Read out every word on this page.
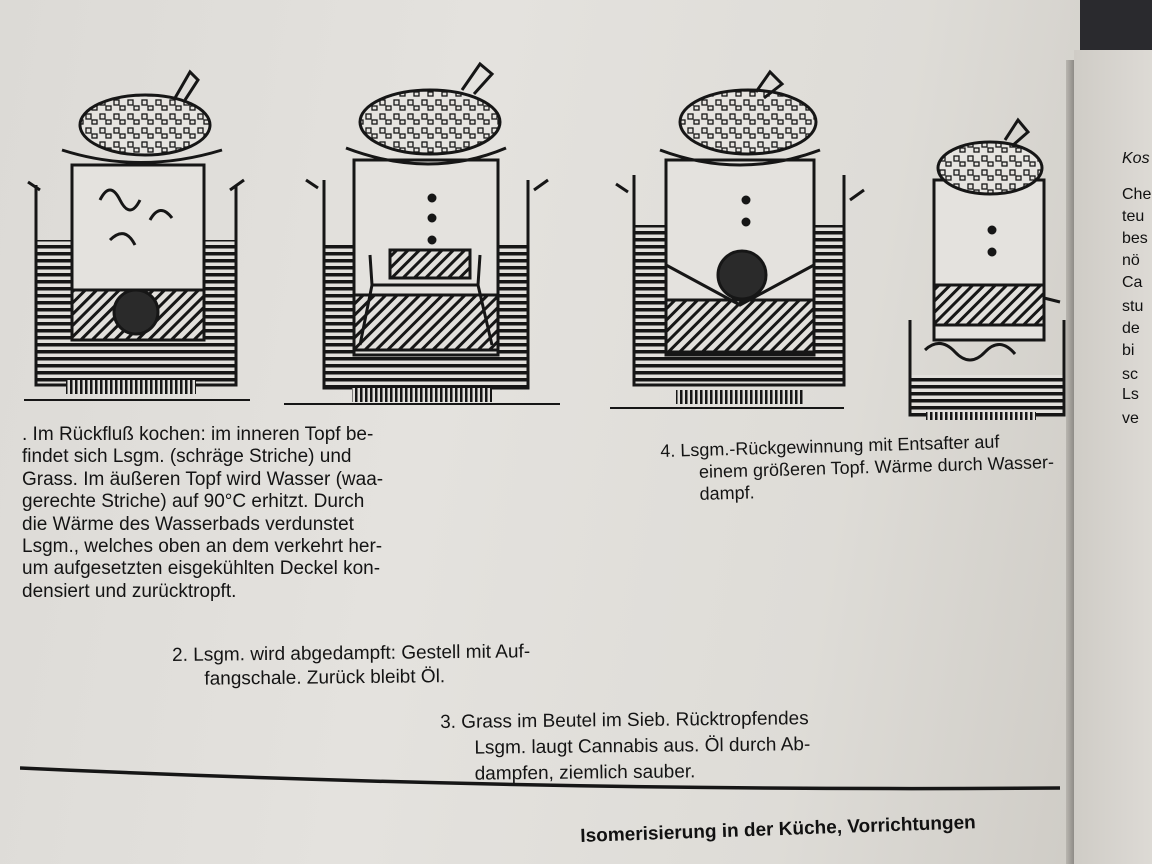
. Im Rückfluß kochen: im inneren Topf be-
findet sich Lsgm. (schräge Striche) und
Grass. Im äußeren Topf wird Wasser (waa-
gerechte Striche) auf 90°C erhitzt. Durch
die Wärme des Wasserbads verdunstet
Lsgm., welches oben an dem verkehrt her-
um aufgesetzten eisgekühlten Deckel kon-
densiert und zurücktropft.
4. Lsgm.-Rückgewinnung mit Entsafter auf
einem größeren Topf. Wärme durch Wasser-
dampf.
2. Lsgm. wird abgedampft: Gestell mit Auf-
fangschale. Zurück bleibt Öl.
3. Grass im Beutel im Sieb. Rücktropfendes
Lsgm. laugt Cannabis aus. Öl durch Ab-
dampfen, ziemlich sauber.
Isomerisierung in der Küche, Vorrichtungen
Kos
Che
teu
bes
nö
Ca
stu
de
bi
sc
Ls
ve
